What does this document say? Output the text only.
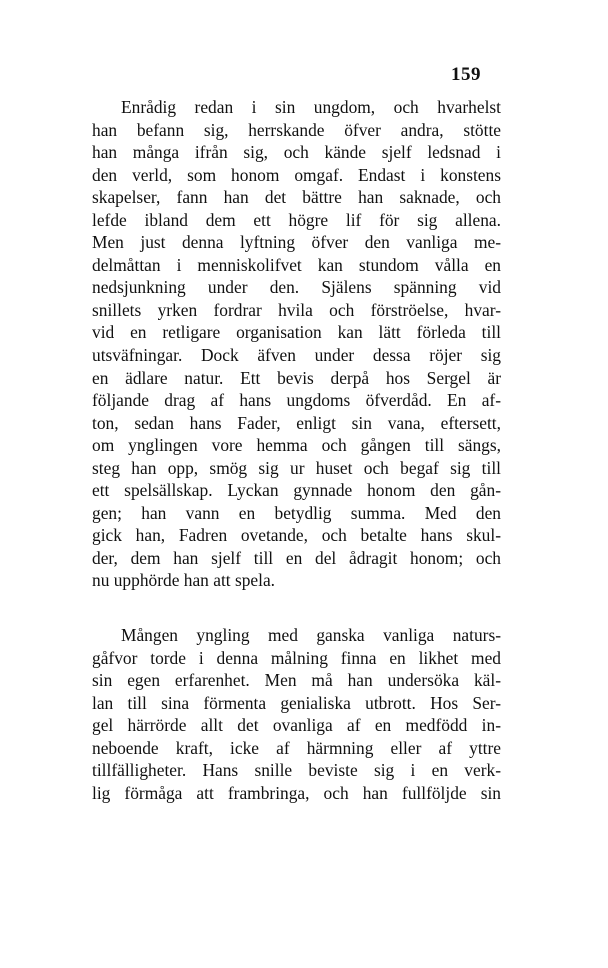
159
Enrådig redan i sin ungdom, och hvarhelst
han befann sig, herrskande öfver andra, stötte
han många ifrån sig, och kände sjelf ledsnad i
den verld, som honom omgaf. Endast i konstens
skapelser, fann han det bättre han saknade, och
lefde ibland dem ett högre lif för sig allena.
Men just denna lyftning öfver den vanliga me-
delmåttan i menniskolifvet kan stundom vålla en
nedsjunkning under den. Själens spänning vid
snillets yrken fordrar hvila och förströelse, hvar-
vid en retligare organisation kan lätt förleda till
utsväfningar. Dock äfven under dessa röjer sig
en ädlare natur. Ett bevis derpå hos Sergel är
följande drag af hans ungdoms öfverdåd. En af-
ton, sedan hans Fader, enligt sin vana, eftersett,
om ynglingen vore hemma och gången till sängs,
steg han opp, smög sig ur huset och begaf sig till
ett spelsällskap. Lyckan gynnade honom den gån-
gen; han vann en betydlig summa. Med den
gick han, Fadren ovetande, och betalte hans skul-
der, dem han sjelf till en del ådragit honom; och
nu upphörde han att spela.
Mången yngling med ganska vanliga naturs-
gåfvor torde i denna målning finna en likhet med
sin egen erfarenhet. Men må han undersöka käl-
lan till sina förmenta genialiska utbrott. Hos Ser-
gel härrörde allt det ovanliga af en medfödd in-
neboende kraft, icke af härmning eller af yttre
tillfälligheter. Hans snille beviste sig i en verk-
lig förmåga att frambringa, och han fullföljde sin
